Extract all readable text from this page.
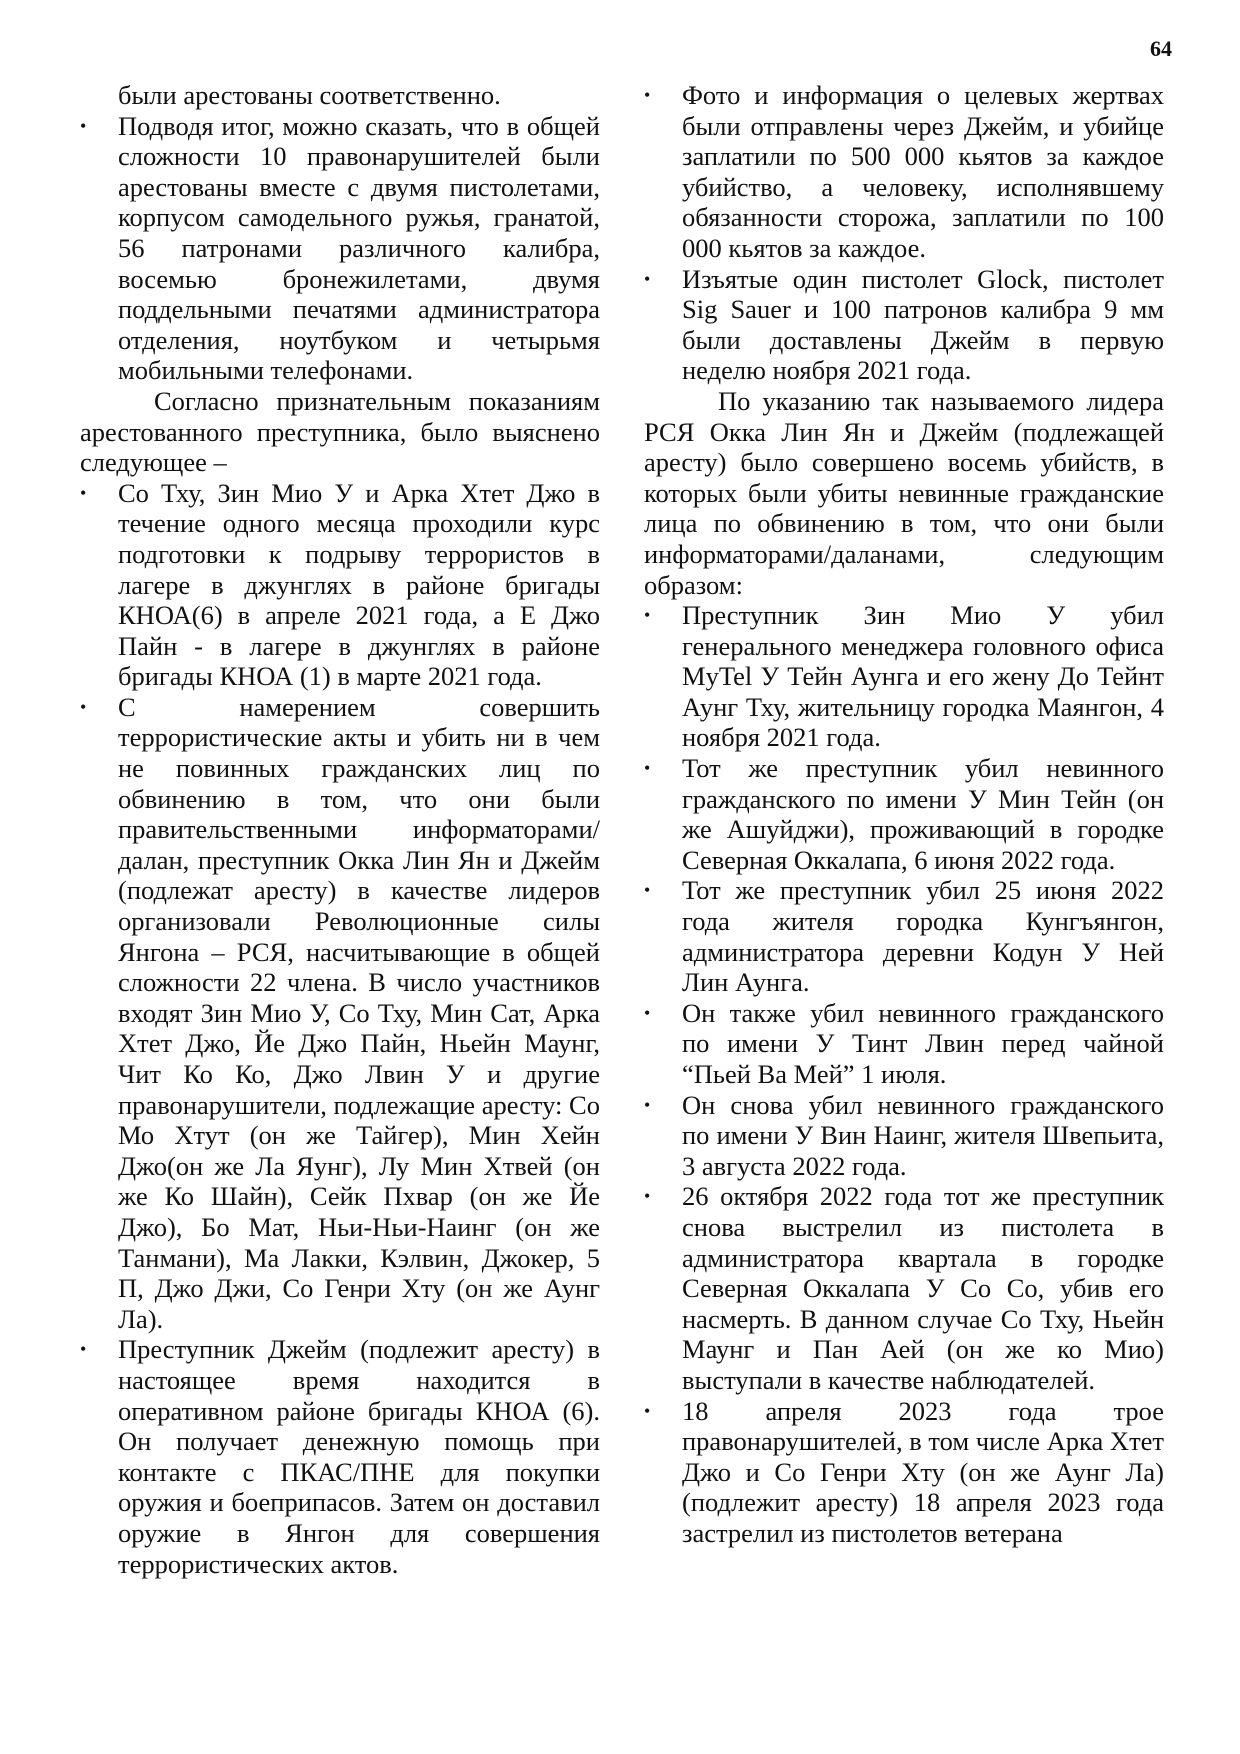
64

были арестованы соответственно.

•	Подводя итог, можно сказать, что в общей сложности 10 правонарушителей были арестованы вместе с двумя пистолетами, корпусом самодельного ружья, гранатой, 56 патронами различного калибра, восемью бронежилетами, двумя поддельными печатями администратора отделения, ноутбуком и четырьмя мобильными телефонами.

Согласно признательным показаниям арестованного преступника, было выяснено следующее –

•	Со Тху, Зин Мио У и Арка Хтет Джо в течение одного месяца проходили курс подготовки к подрыву террористов в лагере в джунглях в районе бригады КНОА(6) в апреле 2021 года, а Е Джо Пайн - в лагере в джунглях в районе бригады КНОА (1) в марте 2021 года.
•	С намерением совершить террористические акты и убить ни в чем не повинных гражданских лиц по обвинению в том, что они были правительственными информаторами/ далан, преступник Окка Лин Ян и Джейм (подлежат аресту) в качестве лидеров организовали Революционные силы Янгона – РСЯ, насчитывающие в общей сложности 22 члена. В число участников входят Зин Мио У, Со Тху, Мин Сат, Арка Хтет Джо, Йе Джо Пайн, Ньейн Маунг, Чит Ко Ко, Джо Лвин У и другие правонарушители, подлежащие аресту: Со Мо Хтут (он же Тайгер), Мин Хейн Джо(он же Ла Яунг), Лу Мин Хтвей (он же Ко Шайн), Сейк Пхвар (он же Йе Джо), Бо Мат, Ньи-Ньи-Наинг (он же Танмани), Ма Лакки, Кэлвин, Джокер, 5 П, Джо Джи, Со Генри Хту (он же Аунг Ла).
•	Преступник Джейм (подлежит аресту) в настоящее время находится в оперативном районе бригады КНОА (6). Он получает денежную помощь при контакте с ПКАС/ПНЕ для покупки оружия и боеприпасов. Затем он доставил оружие в Янгон для совершения террористических актов.
•	Фото и информация о целевых жертвах были отправлены через Джейм, и убийце заплатили по 500 000 кьятов за каждое убийство, а человеку, исполнявшему обязанности сторожа, заплатили по 100 000 кьятов за каждое.
•	Изъятые один пистолет Glock, пистолет Sig Sauer и 100 патронов калибра 9 мм были доставлены Джейм в первую неделю ноября 2021 года.

По указанию так называемого лидера РСЯ Окка Лин Ян и Джейм (подлежащей аресту) было совершено восемь убийств, в которых были убиты невинные гражданские лица по обвинению в том, что они были информаторами/даланами, следующим образом:

•	Преступник Зин Мио У убил генерального менеджера головного офиса MyTel У Тейн Аунга и его жену До Тейнт Аунг Тху, жительницу городка Маянгон, 4 ноября 2021 года.
•	Тот же преступник убил невинного гражданского по имени У Мин Тейн (он же Ашуйджи), проживающий в городке Северная Оккалапа, 6 июня 2022 года.
•	Тот же преступник убил 25 июня 2022 года жителя городка Кунгъянгон, администратора деревни Кодун У Ней Лин Аунга.
•	Он также убил невинного гражданского по имени У Тинт Лвин перед чайной “Пьей Ва Мей” 1 июля.
•	Он снова убил невинного гражданского по имени У Вин Наинг, жителя Швепьита, 3 августа 2022 года.
•	26 октября 2022 года тот же преступник снова выстрелил из пистолета в администратора квартала в городке Северная Оккалапа У Со Со, убив его насмерть. В данном случае Со Тху, Ньейн Маунг и Пан Аей (он же ко Мио) выступали в качестве наблюдателей.
•	18 апреля 2023 года трое правонарушителей, в том числе Арка Хтет Джо и Со Генри Хту (он же Аунг Ла) (подлежит аресту) 18 апреля 2023 года застрелил из пистолетов ветерана
